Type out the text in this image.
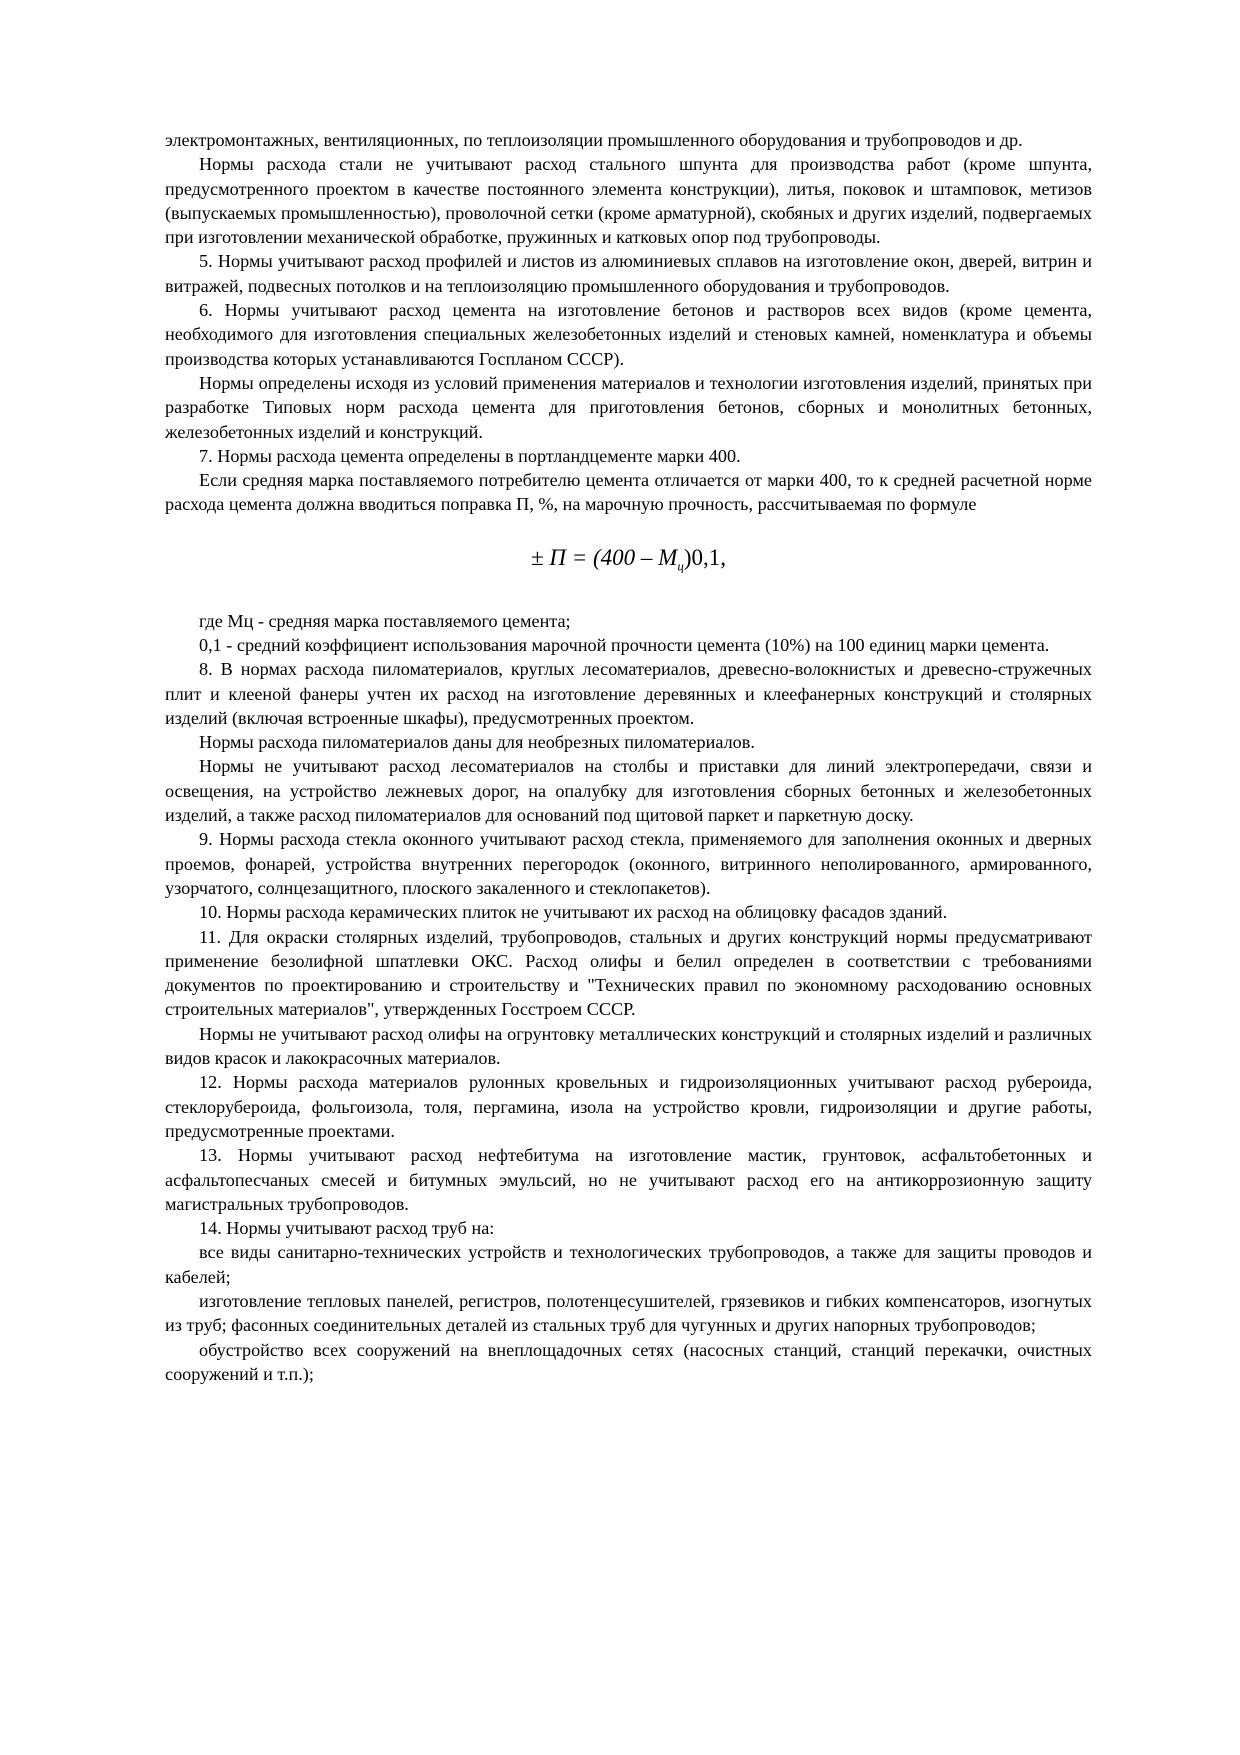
электромонтажных, вентиляционных, по теплоизоляции промышленного оборудования и трубопроводов и др.

Нормы расхода стали не учитывают расход стального шпунта для производства работ (кроме шпунта, предусмотренного проектом в качестве постоянного элемента конструкции), литья, поковок и штамповок, метизов (выпускаемых промышленностью), проволочной сетки (кроме арматурной), скобяных и других изделий, подвергаемых при изготовлении механической обработке, пружинных и катковых опор под трубопроводы.

5. Нормы учитывают расход профилей и листов из алюминиевых сплавов на изготовление окон, дверей, витрин и витражей, подвесных потолков и на теплоизоляцию промышленного оборудования и трубопроводов.

6. Нормы учитывают расход цемента на изготовление бетонов и растворов всех видов (кроме цемента, необходимого для изготовления специальных железобетонных изделий и стеновых камней, номенклатура и объемы производства которых устанавливаются Госпланом СССР).

Нормы определены исходя из условий применения материалов и технологии изготовления изделий, принятых при разработке Типовых норм расхода цемента для приготовления бетонов, сборных и монолитных бетонных, железобетонных изделий и конструкций.

7. Нормы расхода цемента определены в портландцементе марки 400.

Если средняя марка поставляемого потребителю цемента отличается от марки 400, то к средней расчетной норме расхода цемента должна вводиться поправка П, %, на марочную прочность, рассчитываемая по формуле

± $П = (400 - М_ц)0,1$,

где Мц - средняя марка поставляемого цемента;

0,1 - средний коэффициент использования марочной прочности цемента (10%) на 100 единиц марки цемента.

8. В нормах расхода пиломатериалов, круглых лесоматериалов, древесно-волокнистых и древесно-стружечных плит и клееной фанеры учтен их расход на изготовление деревянных и клеефанерных конструкций и столярных изделий (включая встроенные шкафы), предусмотренных проектом.

Нормы расхода пиломатериалов даны для необрезных пиломатериалов.

Нормы не учитывают расход лесоматериалов на столбы и приставки для линий электропередачи, связи и освещения, на устройство лежневых дорог, на опалубку для изготовления сборных бетонных и железобетонных изделий, а также расход пиломатериалов для оснований под щитовой паркет и паркетную доску.

9. Нормы расхода стекла оконного учитывают расход стекла, применяемого для заполнения оконных и дверных проемов, фонарей, устройства внутренних перегородок (оконного, витринного неполированного, армированного, узорчатого, солнцезащитного, плоского закаленного и стеклопакетов).

10. Нормы расхода керамических плиток не учитывают их расход на облицовку фасадов зданий.

11. Для окраски столярных изделий, трубопроводов, стальных и других конструкций нормы предусматривают применение безолифной шпатлевки ОКС. Расход олифы и белил определен в соответствии с требованиями документов по проектированию и строительству и "Технических правил по экономному расходованию основных строительных материалов", утвержденных Госстроем СССР.

Нормы не учитывают расход олифы на огрунтовку металлических конструкций и столярных изделий и различных видов красок и лакокрасочных материалов.

12. Нормы расхода материалов рулонных кровельных и гидроизоляционных учитывают расход рубероида, стеклорубероида, фольгоизола, толя, пергамина, изола на устройство кровли, гидроизоляции и другие работы, предусмотренные проектами.

13. Нормы учитывают расход нефтебитума на изготовление мастик, грунтовок, асфальтобетонных и асфальтопесчаных смесей и битумных эмульсий, но не учитывают расход его на антикоррозионную защиту магистральных трубопроводов.

14. Нормы учитывают расход труб на:

все виды санитарно-технических устройств и технологических трубопроводов, а также для защиты проводов и кабелей;

изготовление тепловых панелей, регистров, полотенцесушителей, грязевиков и гибких компенсаторов, изогнутых из труб; фасонных соединительных деталей из стальных труб для чугунных и других напорных трубопроводов;

обустройство всех сооружений на внеплощадочных сетях (насосных станций, станций перекачки, очистных сооружений и т.п.);
